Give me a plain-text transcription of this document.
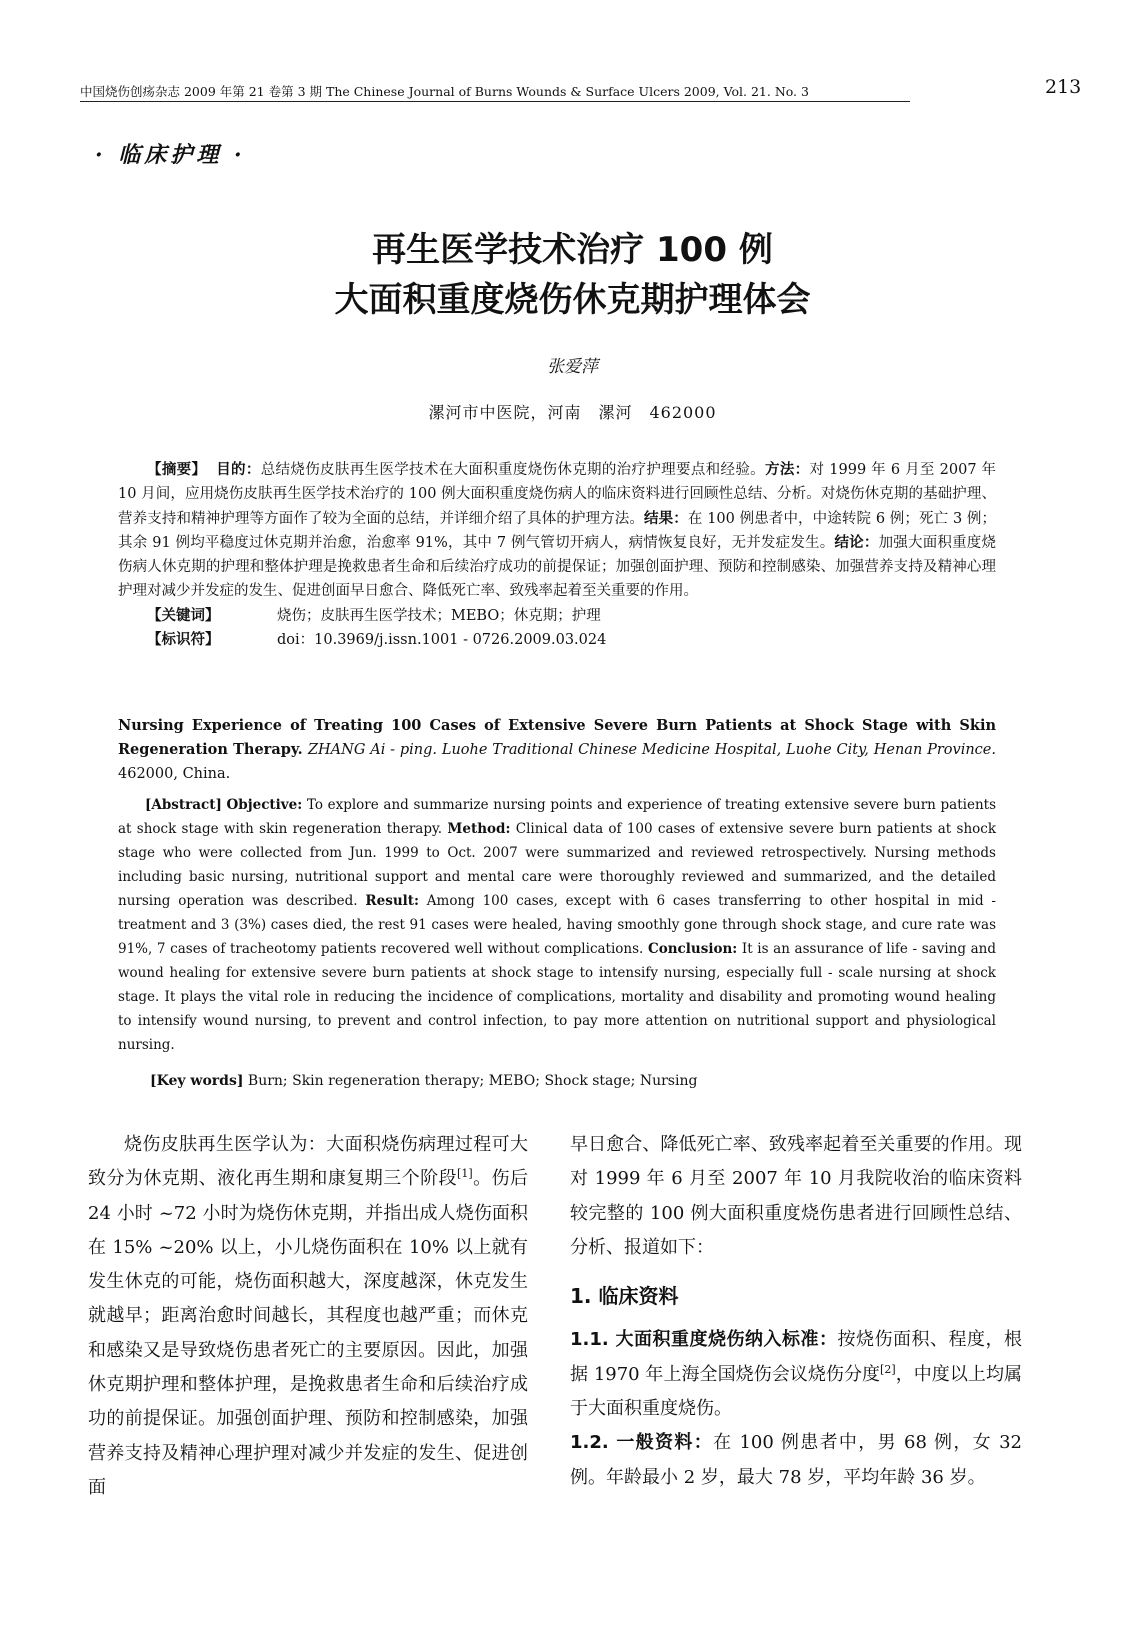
中国烧伤创疡杂志 2009 年第 21 卷第 3 期 The Chinese Journal of Burns Wounds & Surface Ulcers 2009, Vol. 21. No. 3	213
· 临床护理 ·
再生医学技术治疗 100 例
大面积重度烧伤休克期护理体会
张爱萍
漯河市中医院，河南　漯河　462000

【摘要】 目的：总结烧伤皮肤再生医学技术在大面积重度烧伤休克期的治疗护理要点和经验。方法：对 1999 年 6 月至 2007 年 10 月间，应用烧伤皮肤再生医学技术治疗的 100 例大面积重度烧伤病人的临床资料进行回顾性总结、分析。对烧伤休克期的基础护理、营养支持和精神护理等方面作了较为全面的总结，并详细介绍了具体的护理方法。结果：在 100 例患者中，中途转院 6 例；死亡 3 例；其余 91 例均平稳度过休克期并治愈，治愈率 91%，其中 7 例气管切开病人，病情恢复良好，无并发症发生。结论：加强大面积重度烧伤病人休克期的护理和整体护理是挽救患者生命和后续治疗成功的前提保证；加强创面护理、预防和控制感染、加强营养支持及精神心理护理对减少并发症的发生、促进创面早日愈合、降低死亡率、致残率起着至关重要的作用。

【关键词】	烧伤；皮肤再生医学技术；MEBO；休克期；护理
【标识符】	doi：10.3969/j.issn.1001 - 0726.2009.03.024
Nursing Experience of Treating 100 Cases of Extensive Severe Burn Patients at Shock Stage with Skin Regeneration Therapy. ZHANG Ai - ping. Luohe Traditional Chinese Medicine Hospital, Luohe City, Henan Province. 462000, China.

[Abstract] Objective: To explore and summarize nursing points and experience of treating extensive severe burn patients at shock stage with skin regeneration therapy. Method: Clinical data of 100 cases of extensive severe burn patients at shock stage who were collected from Jun. 1999 to Oct. 2007 were summarized and reviewed retrospectively. Nursing methods including basic nursing, nutritional support and mental care were thoroughly reviewed and summarized, and the detailed nursing operation was described. Result: Among 100 cases, except with 6 cases transferring to other hospital in mid - treatment and 3 (3%) cases died, the rest 91 cases were healed, having smoothly gone through shock stage, and cure rate was 91%, 7 cases of tracheotomy patients recovered well without complications. Conclusion: It is an assurance of life - saving and wound healing for extensive severe burn patients at shock stage to intensify nursing, especially full - scale nursing at shock stage. It plays the vital role in reducing the incidence of complications, mortality and disability and promoting wound healing to intensify wound nursing, to prevent and control infection, to pay more attention on nutritional support and physiological nursing.

[Key words] Burn; Skin regeneration therapy; MEBO; Shock stage; Nursing

烧伤皮肤再生医学认为：大面积烧伤病理过程可大致分为休克期、液化再生期和康复期三个阶段[1]。伤后 24 小时 ~72 小时为烧伤休克期，并指出成人烧伤面积在 15% ~20% 以上，小儿烧伤面积在 10% 以上就有发生休克的可能，烧伤面积越大，深度越深，休克发生就越早；距离治愈时间越长，其程度也越严重；而休克和感染又是导致烧伤患者死亡的主要原因。因此，加强休克期护理和整体护理，是挽救患者生命和后续治疗成功的前提保证。加强创面护理、预防和控制感染，加强营养支持及精神心理护理对减少并发症的发生、促进创面

早日愈合、降低死亡率、致残率起着至关重要的作用。现对 1999 年 6 月至 2007 年 10 月我院收治的临床资料较完整的 100 例大面积重度烧伤患者进行回顾性总结、分析、报道如下：

1. 临床资料

1.1. 大面积重度烧伤纳入标准：按烧伤面积、程度，根据 1970 年上海全国烧伤会议烧伤分度[2]，中度以上均属于大面积重度烧伤。

1.2. 一般资料：在 100 例患者中，男 68 例，女 32 例。年龄最小 2 岁，最大 78 岁，平均年龄 36 岁。
